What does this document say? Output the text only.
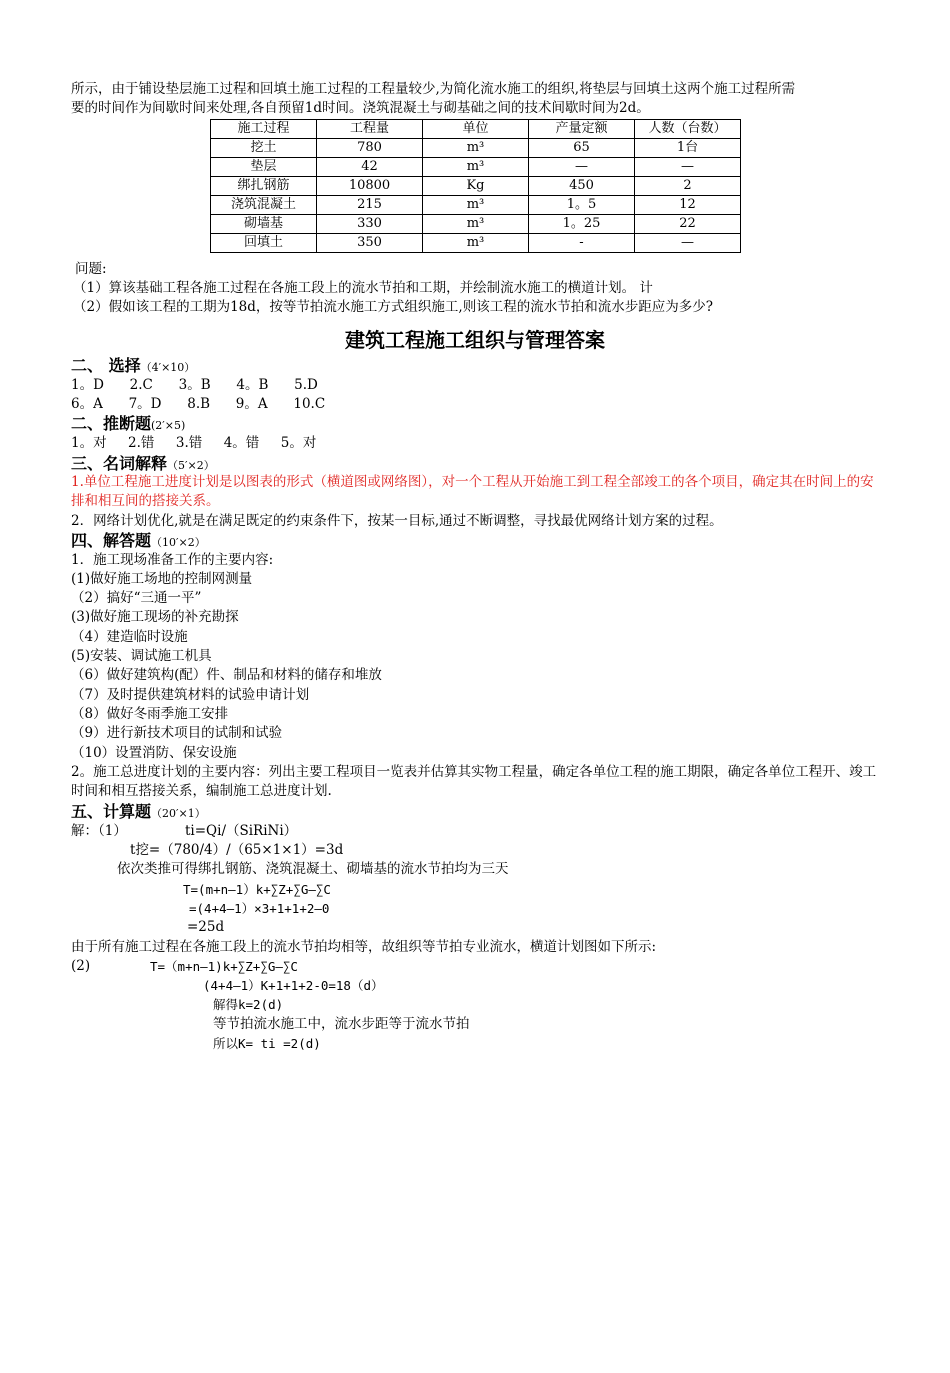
所示，由于铺设垫层施工过程和回填土施工过程的工程量较少,为简化流水施工的组织,将垫层与回填土这两个施工过程所需
要的时间作为间歇时间来处理,各自预留1d时间。浇筑混凝土与砌基础之间的技术间歇时间为2d。
施工过程	工程量	单位	产量定额	人数（台数）
挖土	780	m³	65	1台
垫层	42	m³	—	—
绑扎钢筋	10800	Kg	450	2
浇筑混凝土	215	m³	1。5	12
砌墙基	330	m³	1。25	22
回填土	350	m³	-	—
问题:
（1）算该基础工程各施工过程在各施工段上的流水节拍和工期，并绘制流水施工的横道计划。 计
（2）假如该工程的工期为18d，按等节拍流水施工方式组织施工,则该工程的流水节拍和流水步距应为多少?
建筑工程施工组织与管理答案
二、 选择（4′×10）
1。D      2.C      3。B      4。B      5.D
6。A      7。D      8.B      9。A      10.C
二、推断题(2′×5)
1。对     2.错     3.错     4。错     5。对
三、名词解释（5′×2）
1.单位工程施工进度计划是以图表的形式（横道图或网络图），对一个工程从开始施工到工程全部竣工的各个项目，确定其在时间上的安排和相互间的搭接关系。
2．网络计划优化,就是在满足既定的约束条件下，按某一目标,通过不断调整，寻找最优网络计划方案的过程。
四、解答题（10′×2）
1．施工现场准备工作的主要内容:
(1)做好施工场地的控制网测量
（2）搞好“三通一平”
(3)做好施工现场的补充勘探
（4）建造临时设施
(5)安装、调试施工机具
（6）做好建筑构(配）件、制品和材料的储存和堆放
（7）及时提供建筑材料的试验申请计划
（8）做好冬雨季施工安排
（9）进行新技术项目的试制和试验
（10）设置消防、保安设施
2。施工总进度计划的主要内容：列出主要工程项目一览表并估算其实物工程量，确定各单位工程的施工期限，确定各单位工程开、竣工时间和相互搭接关系，编制施工总进度计划.
五、计算题（20′×1）
解：（1）	ti=Qi/（SiRiNi）
t挖=（780/4）/（65×1×1）=3d
依次类推可得绑扎钢筋、浇筑混凝土、砌墙基的流水节拍均为三天
T=(m+n—1）k+∑Z+∑G—∑C
=(4+4—1）×3+1+1+2—0
=25d
由于所有施工过程在各施工段上的流水节拍均相等，故组织等节拍专业流水，横道计划图如下所示:
(2)	T=（m+n—1)k+∑Z+∑G—∑C
(4+4—1）K+1+1+2-0=18（d）
解得k=2(d)
等节拍流水施工中，流水步距等于流水节拍
所以K= ti =2(d)
